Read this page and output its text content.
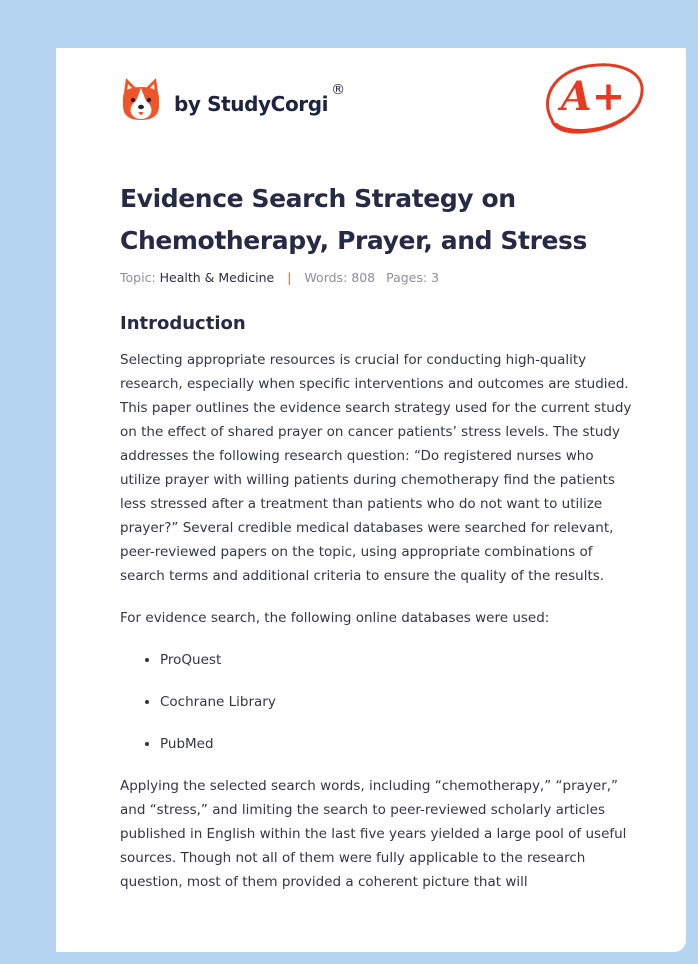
by StudyCorgi®	A+
Evidence Search Strategy on Chemotherapy, Prayer, and Stress
Topic: Health & Medicine | Words: 808 Pages: 3
Introduction

Selecting appropriate resources is crucial for conducting high-quality research, especially when specific interventions and outcomes are studied. This paper outlines the evidence search strategy used for the current study on the effect of shared prayer on cancer patients’ stress levels. The study addresses the following research question: “Do registered nurses who utilize prayer with willing patients during chemotherapy find the patients less stressed after a treatment than patients who do not want to utilize prayer?” Several credible medical databases were searched for relevant, peer-reviewed papers on the topic, using appropriate combinations of search terms and additional criteria to ensure the quality of the results.

For evidence search, the following online databases were used:

• ProQuest
• Cochrane Library
• PubMed

Applying the selected search words, including “chemotherapy,” “prayer,” and “stress,” and limiting the search to peer-reviewed scholarly articles published in English within the last five years yielded a large pool of useful sources. Though not all of them were fully applicable to the research question, most of them provided a coherent picture that will
